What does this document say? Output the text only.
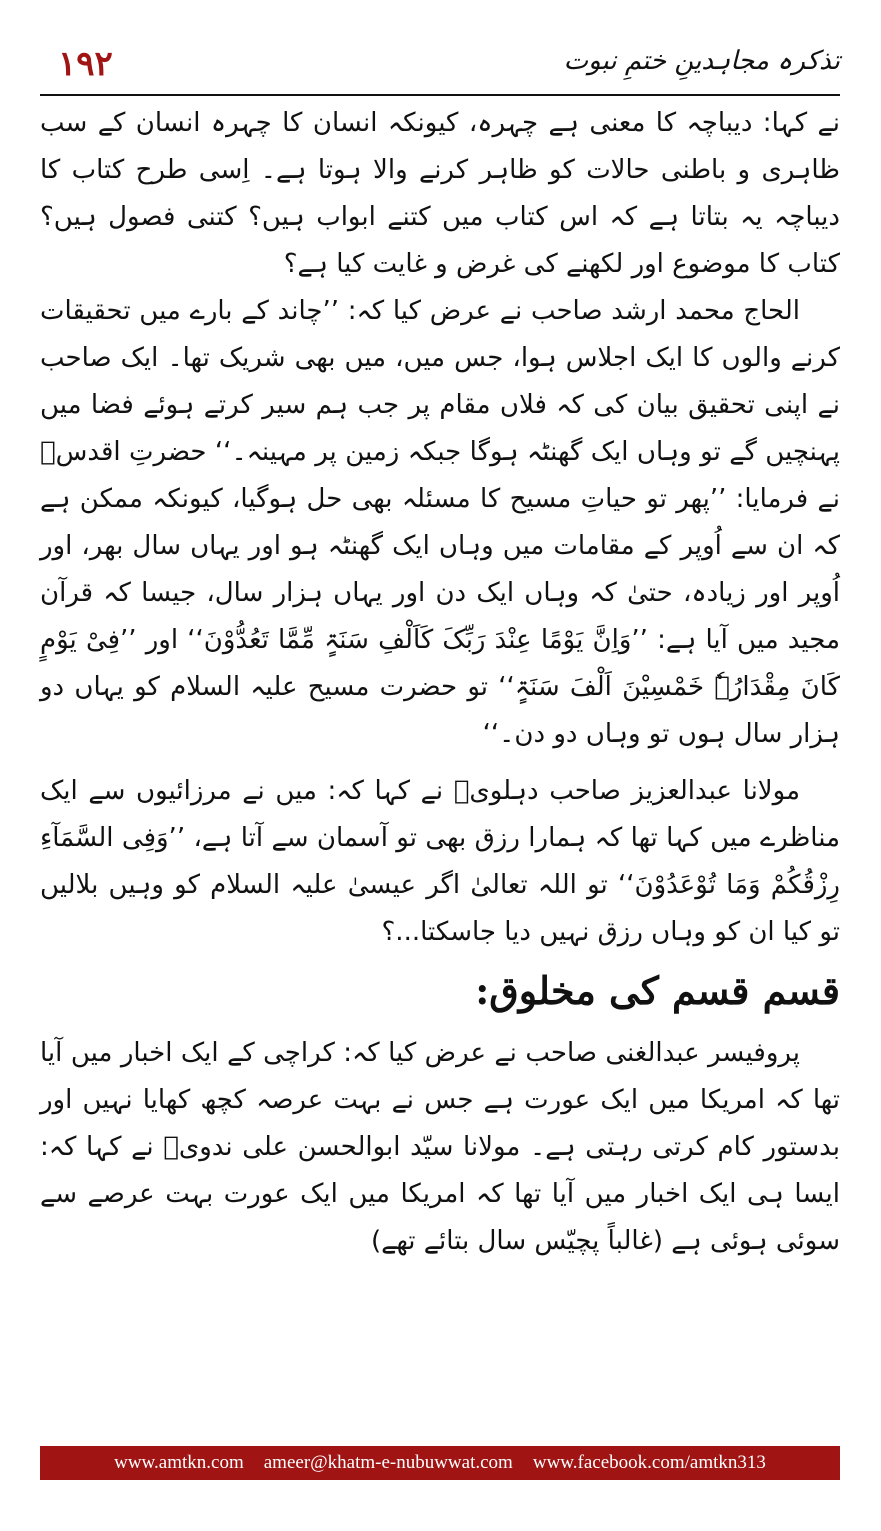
۱۹۲	تذکرہ مجاہدینِ ختمِ نبوت

نے کہا: دیباچہ کا معنی ہے چہرہ، کیونکہ انسان کا چہرہ انسان کے سب ظاہری و باطنی حالات کو ظاہر کرنے والا ہوتا ہے۔ اِسی طرح کتاب کا دیباچہ یہ بتاتا ہے کہ اس کتاب میں کتنے ابواب ہیں؟ کتنی فصول ہیں؟ کتاب کا موضوع اور لکھنے کی غرض و غایت کیا ہے؟

الحاج محمد ارشد صاحب نے عرض کیا کہ: ’’چاند کے بارے میں تحقیقات کرنے والوں کا ایک اجلاس ہوا، جس میں، میں بھی شریک تھا۔ ایک صاحب نے اپنی تحقیق بیان کی کہ فلاں مقام پر جب ہم سیر کرتے ہوئے فضا میں پہنچیں گے تو وہاں ایک گھنٹہ ہوگا جبکہ زمین پر مہینہ۔‘‘ حضرتِ اقدسؒ نے فرمایا: ’’پھر تو حیاتِ مسیح کا مسئلہ بھی حل ہوگیا، کیونکہ ممکن ہے کہ ان سے اُوپر کے مقامات میں وہاں ایک گھنٹہ ہو اور یہاں سال بھر، اور اُوپر اور زیادہ، حتیٰ کہ وہاں ایک دن اور یہاں ہزار سال، جیسا کہ قرآن مجید میں آیا ہے: ’’وَاِنَّ یَوْمًا عِنْدَ رَبِّکَ کَاَلْفِ سَنَۃٍ مِّمَّا تَعُدُّوْنَ‘‘ اور ’’فِیْ یَوْمٍ کَانَ مِقْدَارُہٗ خَمْسِیْنَ اَلْفَ سَنَۃٍ‘‘ تو حضرت مسیح علیہ السلام کو یہاں دو ہزار سال ہوں تو وہاں دو دن۔‘‘

مولانا عبدالعزیز صاحب دہلویؒ نے کہا کہ: میں نے مرزائیوں سے ایک مناظرے میں کہا تھا کہ ہمارا رزق بھی تو آسمان سے آتا ہے، ’’وَفِی السَّمَآءِ رِزْقُکُمْ وَمَا تُوْعَدُوْنَ‘‘ تو اللہ تعالیٰ اگر عیسیٰ علیہ السلام کو وہیں بلالیں تو کیا ان کو وہاں رزق نہیں دیا جاسکتا...؟

قسم قسم کی مخلوق:

پروفیسر عبدالغنی صاحب نے عرض کیا کہ: کراچی کے ایک اخبار میں آیا تھا کہ امریکا میں ایک عورت ہے جس نے بہت عرصہ کچھ کھایا نہیں اور بدستور کام کرتی رہتی ہے۔ مولانا سیّد ابوالحسن علی ندویؒ نے کہا کہ: ایسا ہی ایک اخبار میں آیا تھا کہ امریکا میں ایک عورت بہت عرصے سے سوئی ہوئی ہے (غالباً پچیّس سال بتائے تھے)

www.amtkn.com ameer@khatm-e-nubuwwat.com www.facebook.com/amtkn313
